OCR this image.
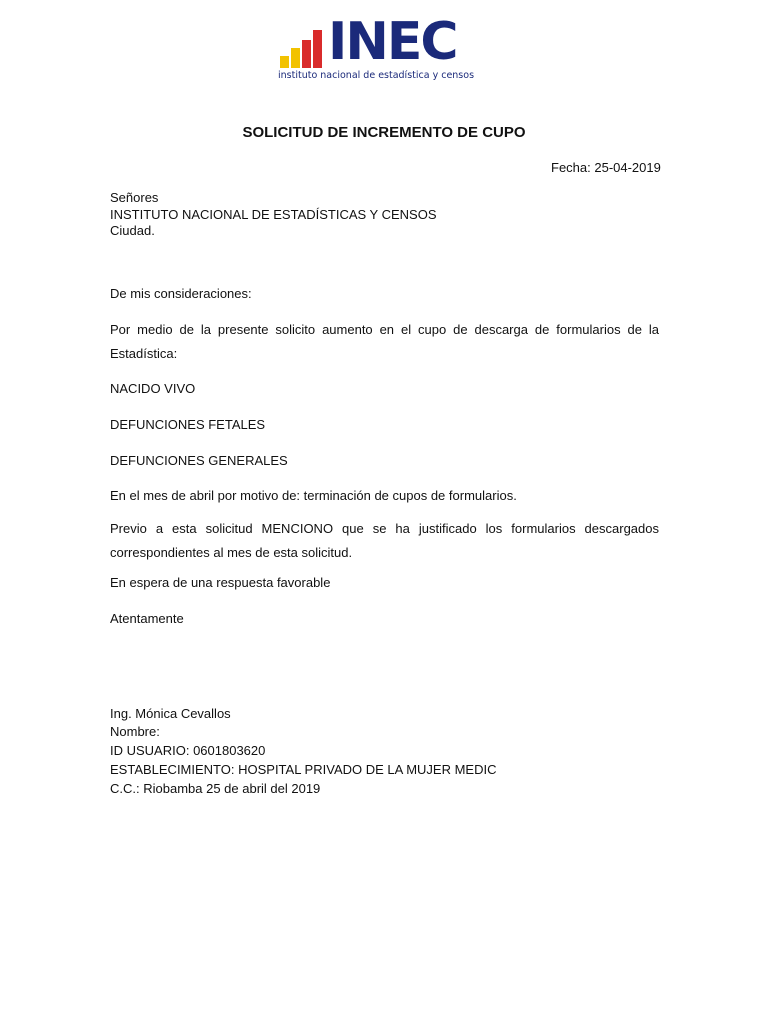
INEC
instituto nacional de estadística y censos
SOLICITUD DE INCREMENTO DE CUPO
Fecha: 25-04-2019
Señores
INSTITUTO NACIONAL DE ESTADÍSTICAS Y CENSOS
Ciudad.
De mis consideraciones:
Por medio de la presente solicito aumento en el cupo de descarga de formularios de la Estadística:
NACIDO VIVO
DEFUNCIONES FETALES
DEFUNCIONES GENERALES
En el mes de abril por motivo de: terminación de cupos de formularios.
Previo a esta solicitud MENCIONO que se ha justificado los formularios descargados correspondientes al mes de esta solicitud.
En espera de una respuesta favorable
Atentamente
Ing. Mónica Cevallos
Nombre:
ID USUARIO: 0601803620
ESTABLECIMIENTO: HOSPITAL PRIVADO DE LA MUJER MEDIC
C.C.: Riobamba 25 de abril del 2019
